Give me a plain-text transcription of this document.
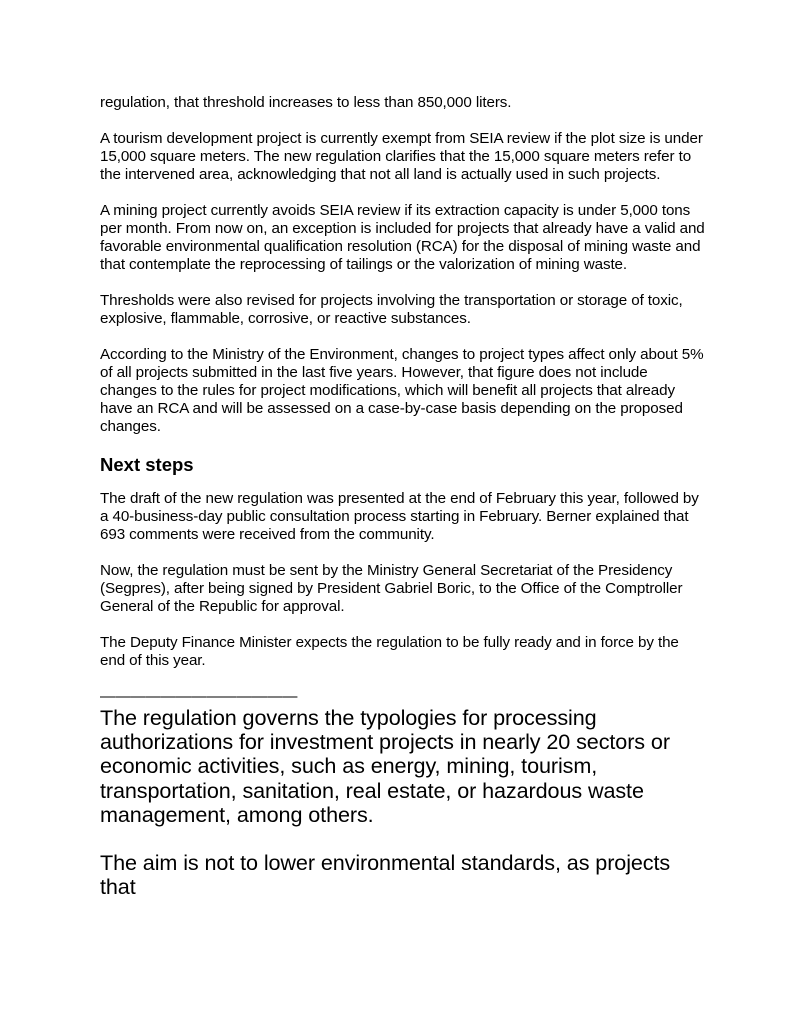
regulation, that threshold increases to less than 850,000 liters.

A tourism development project is currently exempt from SEIA review if the plot size is under 15,000 square meters. The new regulation clarifies that the 15,000 square meters refer to the intervened area, acknowledging that not all land is actually used in such projects.

A mining project currently avoids SEIA review if its extraction capacity is under 5,000 tons per month. From now on, an exception is included for projects that already have a valid and favorable environmental qualification resolution (RCA) for the disposal of mining waste and that contemplate the reprocessing of tailings or the valorization of mining waste.

Thresholds were also revised for projects involving the transportation or storage of toxic, explosive, flammable, corrosive, or reactive substances.

According to the Ministry of the Environment, changes to project types affect only about 5% of all projects submitted in the last five years. However, that figure does not include changes to the rules for project modifications, which will benefit all projects that already have an RCA and will be assessed on a case-by-case basis depending on the proposed changes.

Next steps

The draft of the new regulation was presented at the end of February this year, followed by a 40-business-day public consultation process starting in February. Berner explained that 693 comments were received from the community.

Now, the regulation must be sent by the Ministry General Secretariat of the Presidency (Segpres), after being signed by President Gabriel Boric, to the Office of the Comptroller General of the Republic for approval.

The Deputy Finance Minister expects the regulation to be fully ready and in force by the end of this year.

—————————————

The regulation governs the typologies for processing authorizations for investment projects in nearly 20 sectors or economic activities, such as energy, mining, tourism, transportation, sanitation, real estate, or hazardous waste management, among others.

The aim is not to lower environmental standards, as projects that
